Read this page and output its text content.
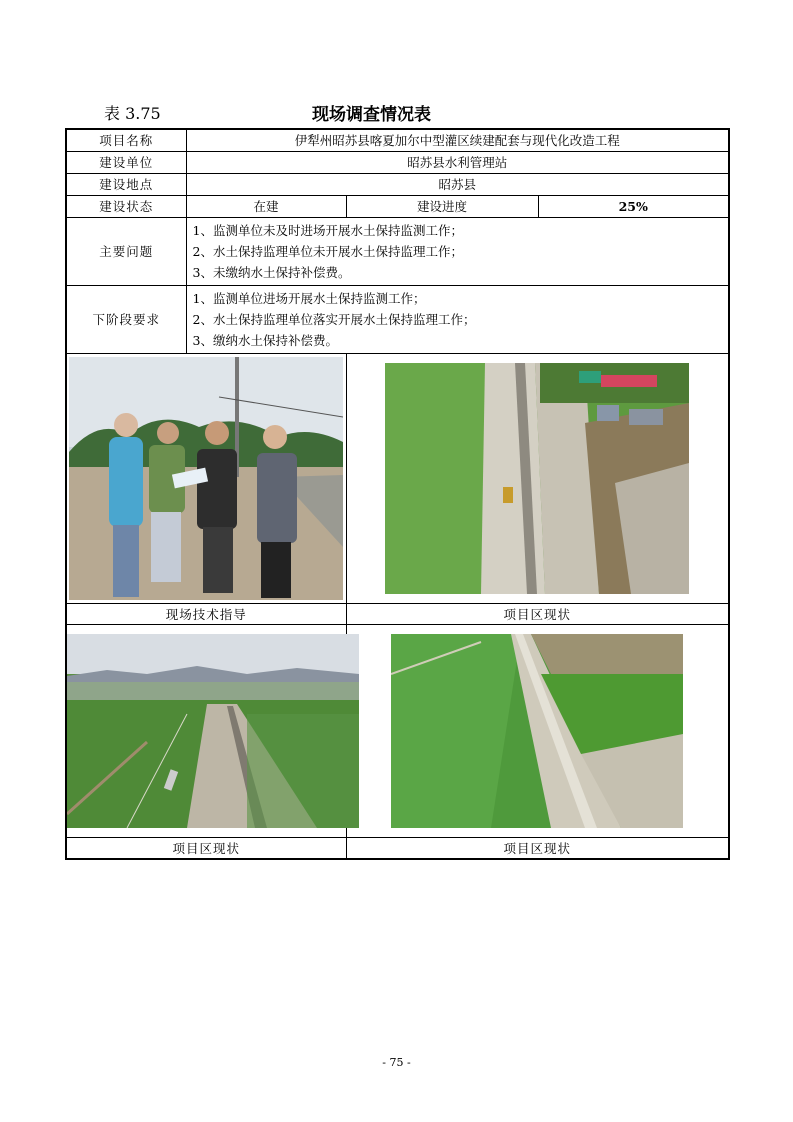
表 3.75	现场调查情况表
项目名称	伊犁州昭苏县喀夏加尔中型灌区续建配套与现代化改造工程		
建设单位	昭苏县水利管理站		
建设地点	昭苏县		
建设状态	在建	建设进度	25%
主要问题	1、监测单位未及时进场开展水土保持监测工作；
2、水土保持监理单位未开展水土保持监理工作；
3、未缴纳水土保持补偿费。		

下阶段要求	1、监测单位进场开展水土保持监测工作；
2、水土保持监理单位落实开展水土保持监理工作；
3、缴纳水土保持补偿费。		

现场技术指导		项目区现状	

项目区现状		项目区现状	
- 75 -
